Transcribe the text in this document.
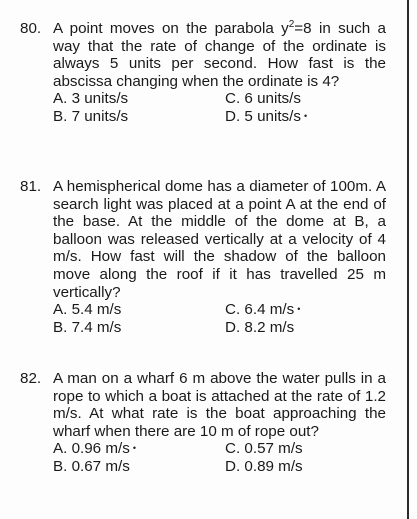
80. A point moves on the parabola $y^2=8$ in such a way that the rate of change of the ordinate is always 5 units per second. How fast is the abscissa changing when the ordinate is 4?
A. 3 units/s	C. 6 units/s
B. 7 units/s	D. 5 units/s •
81. A hemispherical dome has a diameter of 100m. A search light was placed at a point A at the end of the base. At the middle of the dome at B, a balloon was released vertically at a velocity of 4 m/s. How fast will the shadow of the balloon move along the roof if it has travelled 25 m vertically?
A. 5.4 m/s	C. 6.4 m/s •
B. 7.4 m/s	D. 8.2 m/s
82. A man on a wharf 6 m above the water pulls in a rope to which a boat is attached at the rate of 1.2 m/s. At what rate is the boat approaching the wharf when there are 10 m of rope out?
A. 0.96 m/s •	C. 0.57 m/s
B. 0.67 m/s	D. 0.89 m/s
